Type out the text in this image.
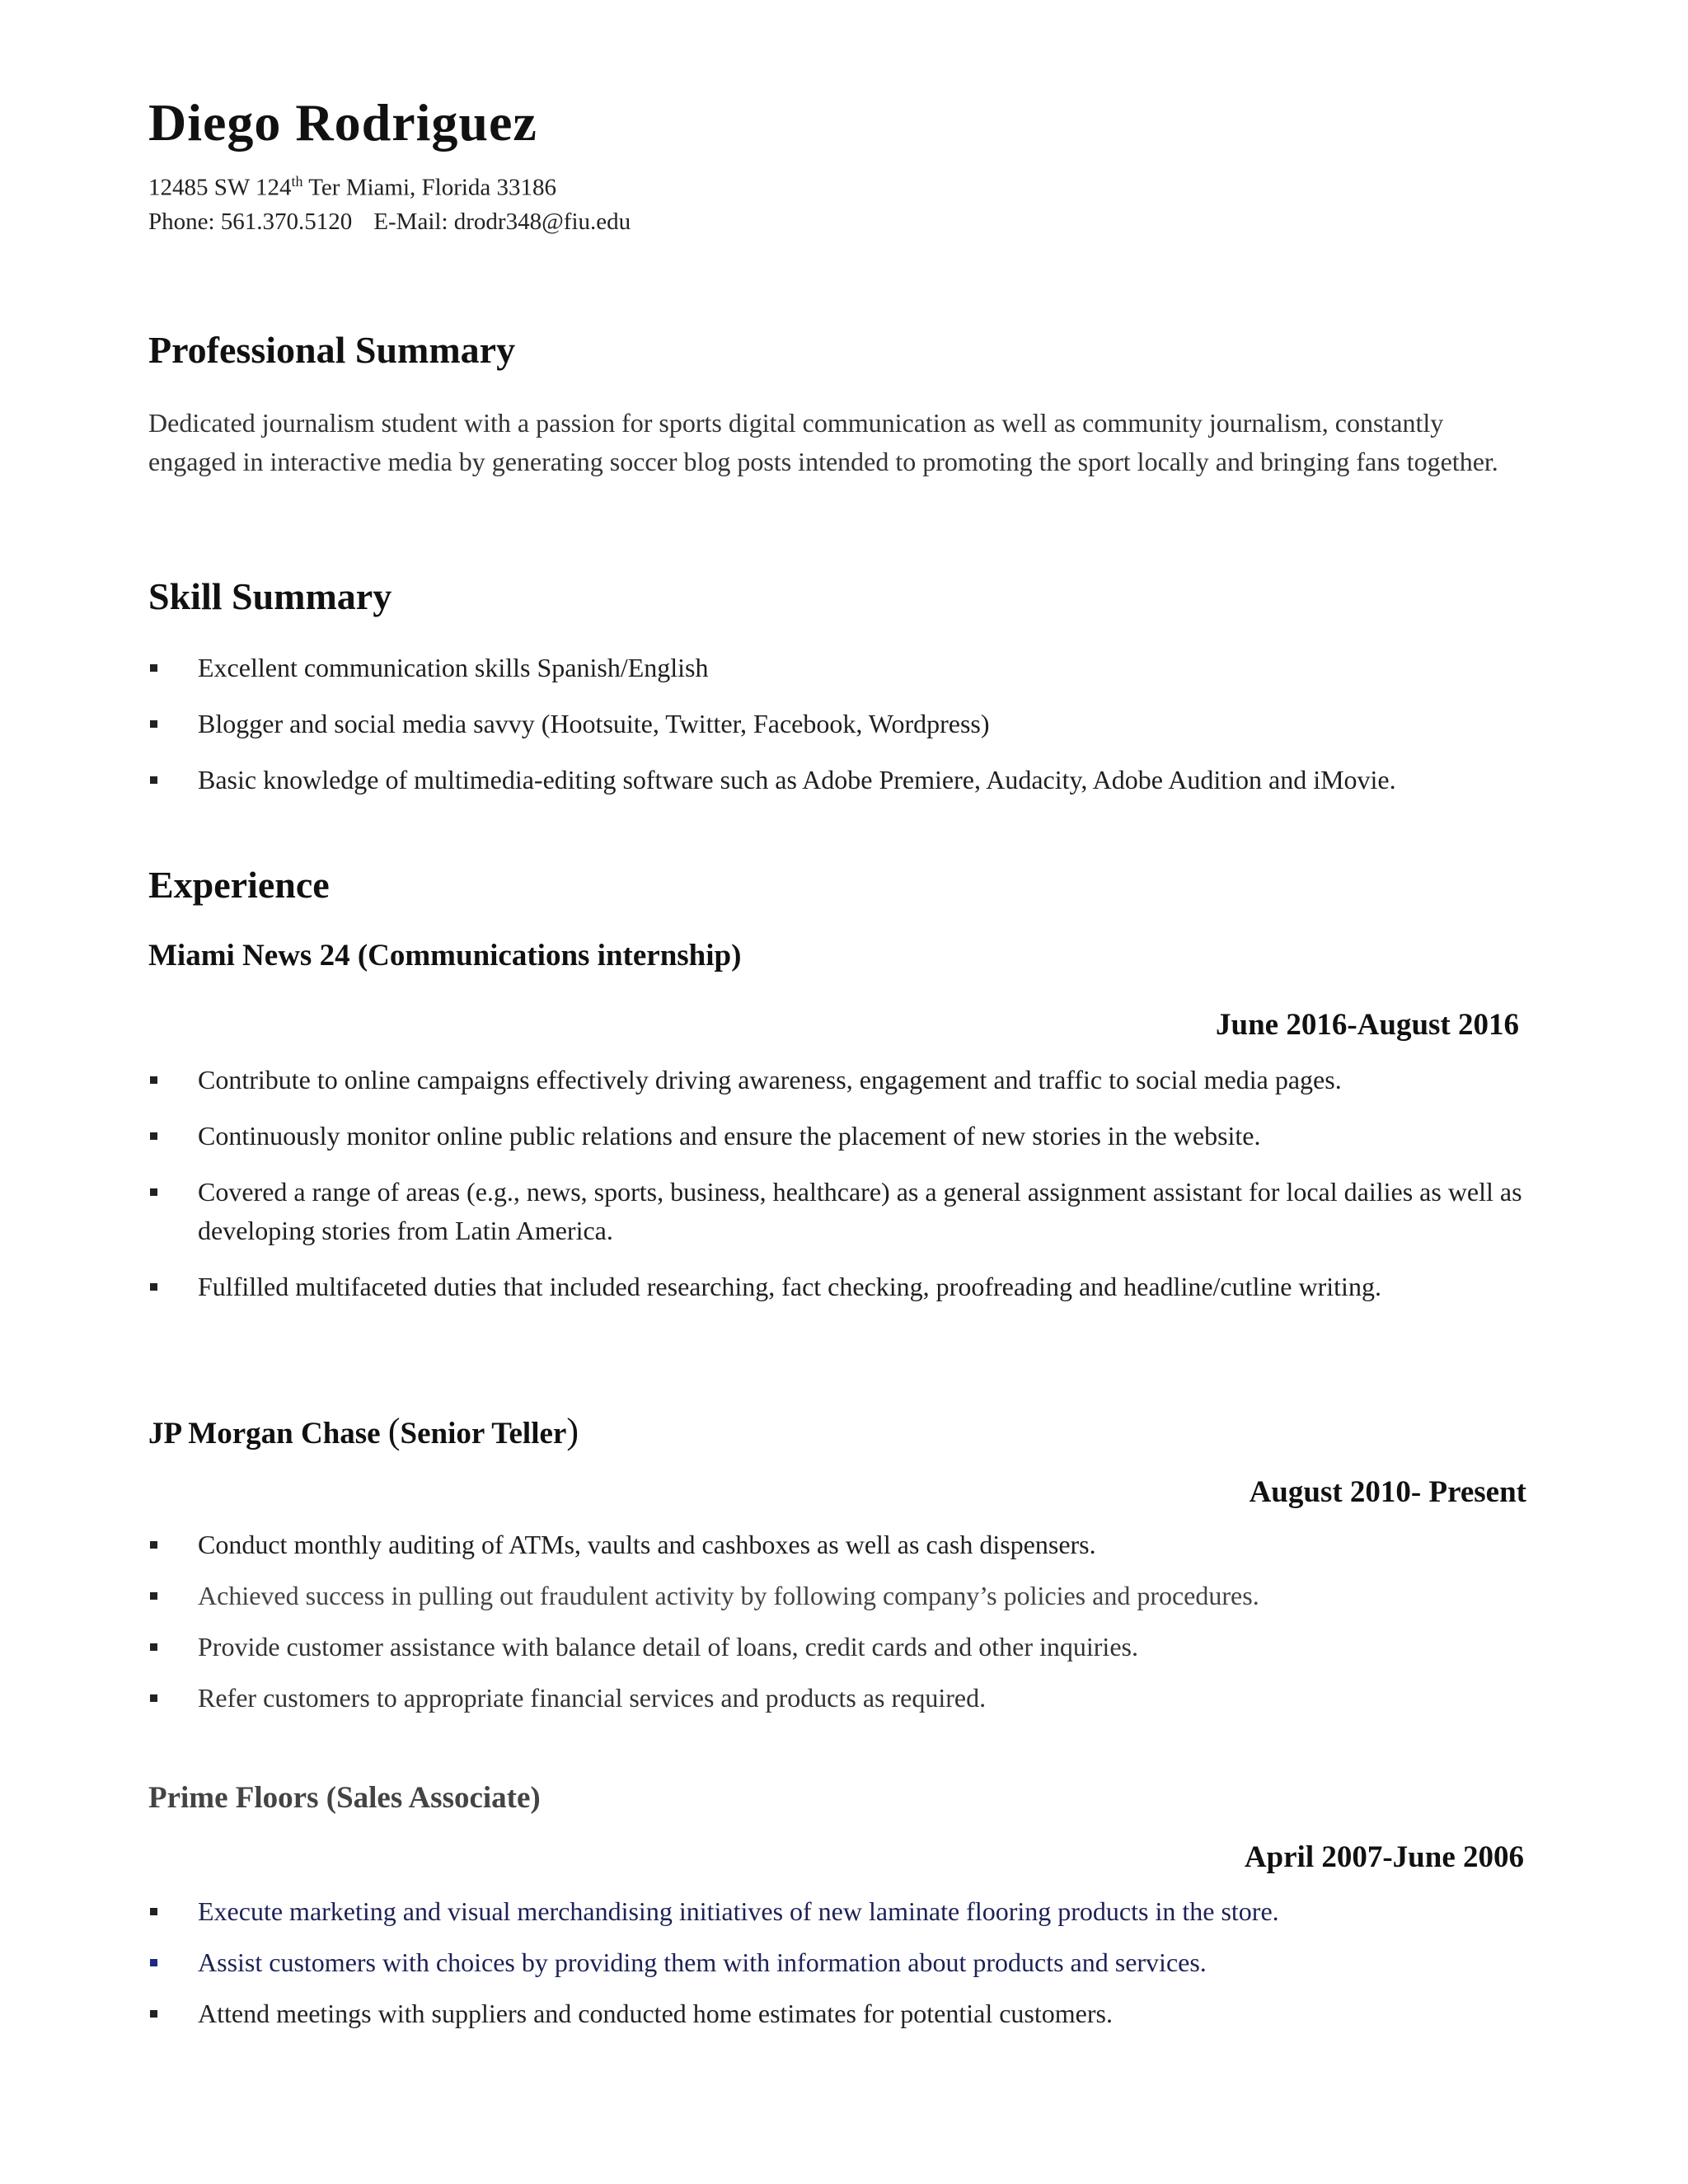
Diego Rodriguez
12485 SW 124th Ter Miami, Florida 33186
Phone: 561.370.5120 E-Mail: drodr348@fiu.edu
Professional Summary

Dedicated journalism student with a passion for sports digital communication as well as community journalism, constantly engaged in interactive media by generating soccer blog posts intended to promoting the sport locally and bringing fans together.

Skill Summary
Excellent communication skills Spanish/English
Blogger and social media savvy (Hootsuite, Twitter, Facebook, Wordpress)
Basic knowledge of multimedia-editing software such as Adobe Premiere, Audacity, Adobe Audition and iMovie.
Experience
Miami News 24 (Communications internship)
June 2016-August 2016
Contribute to online campaigns effectively driving awareness, engagement and traffic to social media pages.
Continuously monitor online public relations and ensure the placement of new stories in the website.
Covered a range of areas (e.g., news, sports, business, healthcare) as a general assignment assistant for local dailies as well as developing stories from Latin America.
Fulfilled multifaceted duties that included researching, fact checking, proofreading and headline/cutline writing.
JP Morgan Chase (Senior Teller)
August 2010- Present
Conduct monthly auditing of ATMs, vaults and cashboxes as well as cash dispensers.
Achieved success in pulling out fraudulent activity by following company’s policies and procedures.
Provide customer assistance with balance detail of loans, credit cards and other inquiries.
Refer customers to appropriate financial services and products as required.
Prime Floors (Sales Associate)
April 2007-June 2006
Execute marketing and visual merchandising initiatives of new laminate flooring products in the store.
Assist customers with choices by providing them with information about products and services.
Attend meetings with suppliers and conducted home estimates for potential customers.
